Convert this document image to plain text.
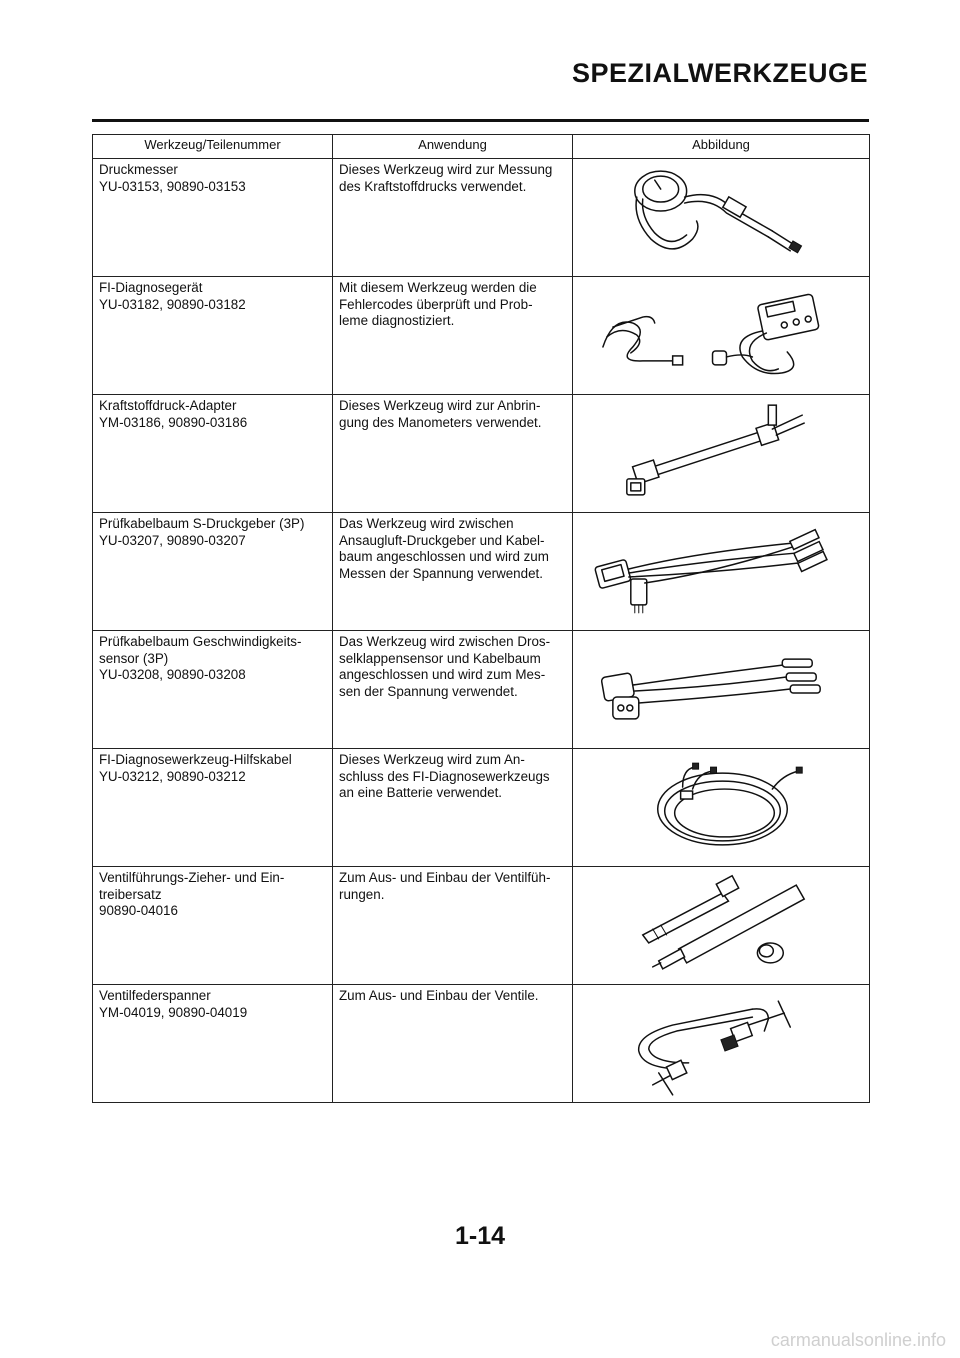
SPEZIALWERKZEUGE
Werkzeug/Teilenummer	Anwendung	Abbildung

Druckmesser
YU-03153, 90890-03153	Dieses Werkzeug wird zur Messung
des Kraftstoffdrucks verwendet.

FI-Diagnosegerät
YU-03182, 90890-03182	Mit diesem Werkzeug werden die
Fehlercodes überprüft und Prob-
leme diagnostiziert.

Kraftstoffdruck-Adapter
YM-03186, 90890-03186	Dieses Werkzeug wird zur Anbrin-
gung des Manometers verwendet.

Prüfkabelbaum S-Druckgeber (3P)
YU-03207, 90890-03207	Das Werkzeug wird zwischen
Ansaugluft-Druckgeber und Kabel-
baum angeschlossen und wird zum
Messen der Spannung verwendet.

Prüfkabelbaum Geschwindigkeits-
sensor (3P)
YU-03208, 90890-03208	Das Werkzeug wird zwischen Dros-
selklappensensor und Kabelbaum
angeschlossen und wird zum Mes-
sen der Spannung verwendet.

FI-Diagnosewerkzeug-Hilfskabel
YU-03212, 90890-03212	Dieses Werkzeug wird zum An-
schluss des FI-Diagnosewerkzeugs
an eine Batterie verwendet.

Ventilführungs-Zieher- und Ein-
treibersatz
90890-04016	Zum Aus- und Einbau der Ventilfüh-
rungen.

Ventilfederspanner
YM-04019, 90890-04019	Zum Aus- und Einbau der Ventile.

1-14
carmanualsonline.info
